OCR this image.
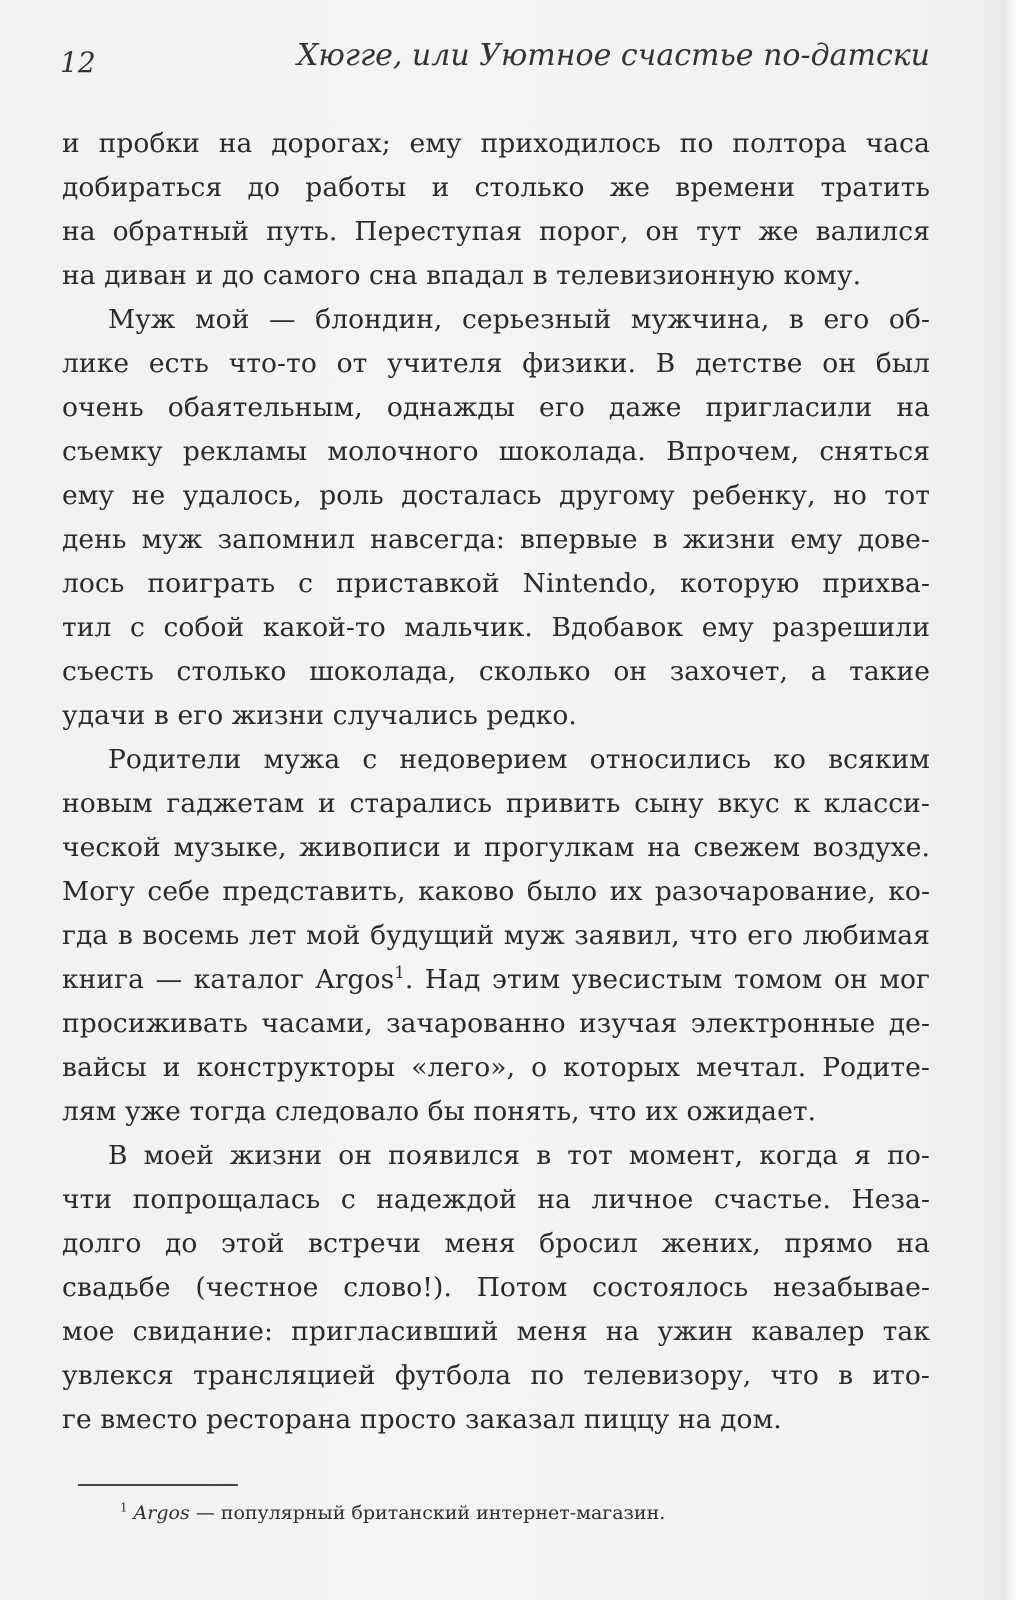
12	Хюгге, или Уютное счастье по-датски
и пробки на дорогах; ему приходилось по полтора часа
добираться до работы и столько же времени тратить
на обратный путь. Переступая порог, он тут же валился
на диван и до самого сна впадал в телевизионную кому.
Муж мой — блондин, серьезный мужчина, в его об-
лике есть что-то от учителя физики. В детстве он был
очень обаятельным, однажды его даже пригласили на
съемку рекламы молочного шоколада. Впрочем, сняться
ему не удалось, роль досталась другому ребенку, но тот
день муж запомнил навсегда: впервые в жизни ему дове-
лось поиграть с приставкой Nintendo, которую прихва-
тил с собой какой-то мальчик. Вдобавок ему разрешили
съесть столько шоколада, сколько он захочет, а такие
удачи в его жизни случались редко.
Родители мужа с недоверием относились ко всяким
новым гаджетам и старались привить сыну вкус к класси-
ческой музыке, живописи и прогулкам на свежем воздухе.
Могу себе представить, каково было их разочарование, ко-
гда в восемь лет мой будущий муж заявил, что его любимая
книга — каталог Argos$^1$. Над этим увесистым томом он мог
просиживать часами, зачарованно изучая электронные де-
вайсы и конструкторы «лего», о которых мечтал. Родите-
лям уже тогда следовало бы понять, что их ожидает.
В моей жизни он появился в тот момент, когда я по-
чти попрощалась с надеждой на личное счастье. Неза-
долго до этой встречи меня бросил жених, прямо на
свадьбе (честное слово!). Потом состоялось незабывае-
мое свидание: пригласивший меня на ужин кавалер так
увлекся трансляцией футбола по телевизору, что в ито-
ге вместо ресторана просто заказал пиццу на дом.
$^1$ Argos — популярный британский интернет-магазин.
